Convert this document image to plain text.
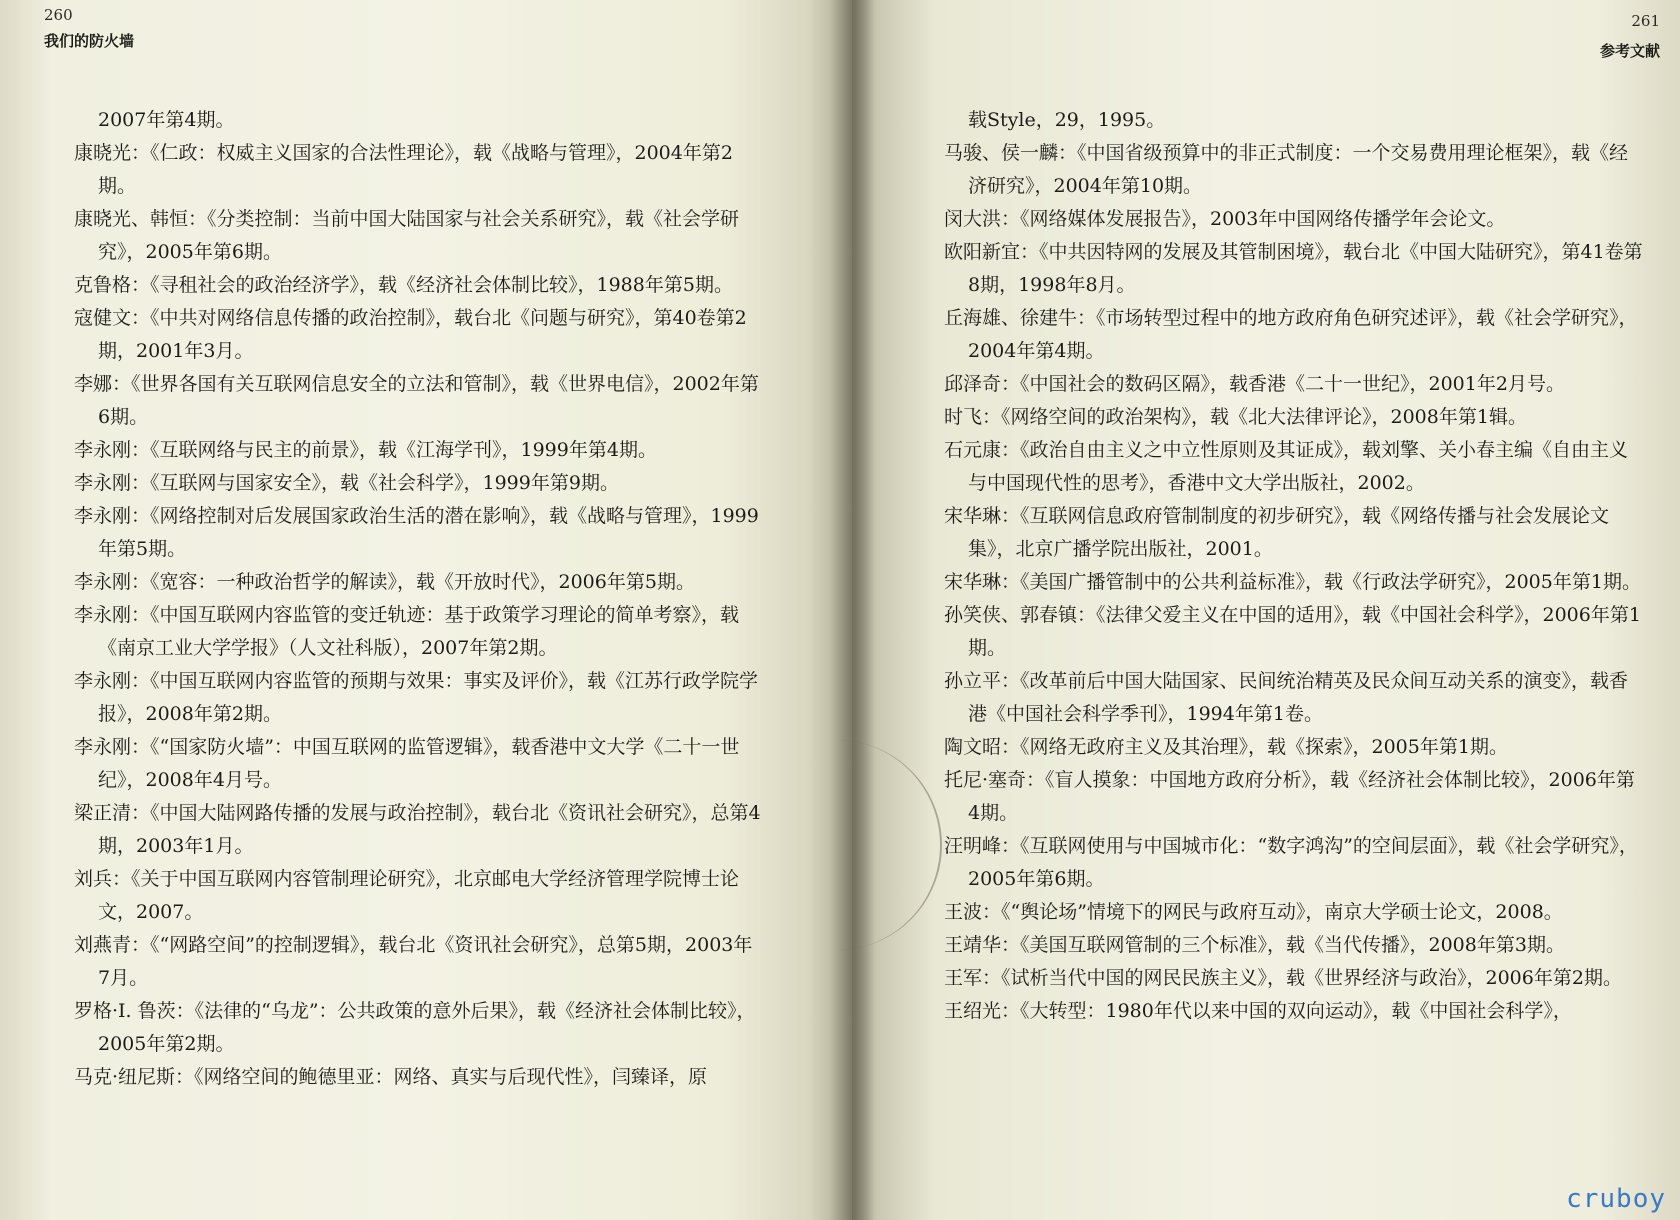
260
我们的防火墙
2007年第4期。
康晓光：《仁政：权威主义国家的合法性理论》，载《战略与管理》，2004年第2期。
康晓光、韩恒：《分类控制：当前中国大陆国家与社会关系研究》，载《社会学研究》，2005年第6期。
克鲁格：《寻租社会的政治经济学》，载《经济社会体制比较》，1988年第5期。
寇健文：《中共对网络信息传播的政治控制》，载台北《问题与研究》，第40卷第2期，2001年3月。
李娜：《世界各国有关互联网信息安全的立法和管制》，载《世界电信》，2002年第6期。
李永刚：《互联网络与民主的前景》，载《江海学刊》，1999年第4期。
李永刚：《互联网与国家安全》，载《社会科学》，1999年第9期。
李永刚：《网络控制对后发展国家政治生活的潜在影响》，载《战略与管理》，1999年第5期。
李永刚：《宽容：一种政治哲学的解读》，载《开放时代》，2006年第5期。
李永刚：《中国互联网内容监管的变迁轨迹：基于政策学习理论的简单考察》，载《南京工业大学学报》（人文社科版），2007年第2期。
李永刚：《中国互联网内容监管的预期与效果：事实及评价》，载《江苏行政学院学报》，2008年第2期。
李永刚：《“国家防火墙”：中国互联网的监管逻辑》，载香港中文大学《二十一世纪》，2008年4月号。
梁正清：《中国大陆网路传播的发展与政治控制》，载台北《资讯社会研究》，总第4期，2003年1月。
刘兵：《关于中国互联网内容管制理论研究》，北京邮电大学经济管理学院博士论文，2007。
刘燕青：《“网路空间”的控制逻辑》，载台北《资讯社会研究》，总第5期，2003年7月。
罗格·I. 鲁茨：《法律的“乌龙”：公共政策的意外后果》，载《经济社会体制比较》，2005年第2期。
马克·纽尼斯：《网络空间的鲍德里亚：网络、真实与后现代性》，闫臻译，原
261
参考文献
载Style，29，1995。
马骏、侯一麟：《中国省级预算中的非正式制度：一个交易费用理论框架》，载《经济研究》，2004年第10期。
闵大洪：《网络媒体发展报告》，2003年中国网络传播学年会论文。
欧阳新宜：《中共因特网的发展及其管制困境》，载台北《中国大陆研究》，第41卷第8期，1998年8月。
丘海雄、徐建牛：《市场转型过程中的地方政府角色研究述评》，载《社会学研究》，2004年第4期。
邱泽奇：《中国社会的数码区隔》，载香港《二十一世纪》，2001年2月号。
时飞：《网络空间的政治架构》，载《北大法律评论》，2008年第1辑。
石元康：《政治自由主义之中立性原则及其证成》，载刘擎、关小春主编《自由主义与中国现代性的思考》，香港中文大学出版社，2002。
宋华琳：《互联网信息政府管制制度的初步研究》，载《网络传播与社会发展论文集》，北京广播学院出版社，2001。
宋华琳：《美国广播管制中的公共利益标准》，载《行政法学研究》，2005年第1期。
孙笑侠、郭春镇：《法律父爱主义在中国的适用》，载《中国社会科学》，2006年第1期。
孙立平：《改革前后中国大陆国家、民间统治精英及民众间互动关系的演变》，载香港《中国社会科学季刊》，1994年第1卷。
陶文昭：《网络无政府主义及其治理》，载《探索》，2005年第1期。
托尼·塞奇：《盲人摸象：中国地方政府分析》，载《经济社会体制比较》，2006年第4期。
汪明峰：《互联网使用与中国城市化：“数字鸿沟”的空间层面》，载《社会学研究》，2005年第6期。
王波：《“舆论场”情境下的网民与政府互动》，南京大学硕士论文，2008。
王靖华：《美国互联网管制的三个标准》，载《当代传播》，2008年第3期。
王军：《试析当代中国的网民民族主义》，载《世界经济与政治》，2006年第2期。
王绍光：《大转型：1980年代以来中国的双向运动》，载《中国社会科学》，
cruboy
